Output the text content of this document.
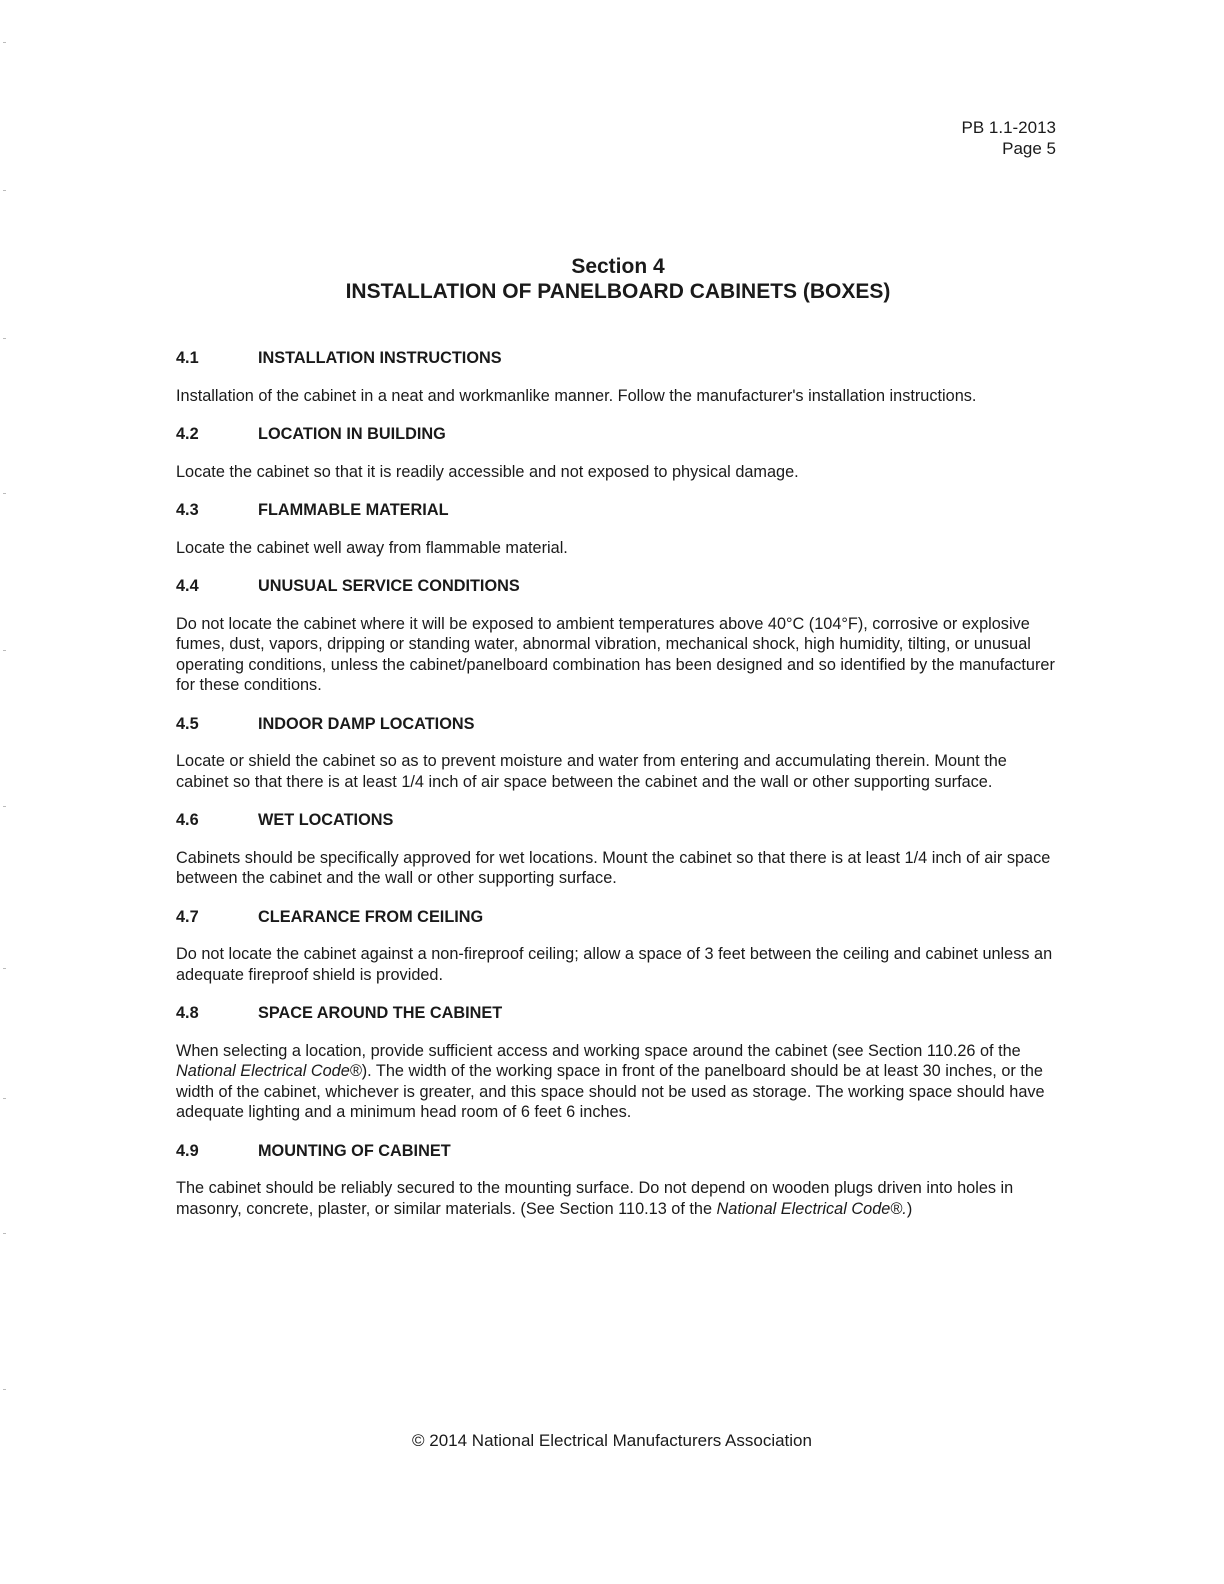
PB 1.1-2013
Page 5
Section 4
INSTALLATION OF PANELBOARD CABINETS (BOXES)
4.1	INSTALLATION INSTRUCTIONS

Installation of the cabinet in a neat and workmanlike manner. Follow the manufacturer's installation instructions.

4.2	LOCATION IN BUILDING

Locate the cabinet so that it is readily accessible and not exposed to physical damage.

4.3	FLAMMABLE MATERIAL

Locate the cabinet well away from flammable material.

4.4	UNUSUAL SERVICE CONDITIONS

Do not locate the cabinet where it will be exposed to ambient temperatures above 40°C (104°F), corrosive or explosive fumes, dust, vapors, dripping or standing water, abnormal vibration, mechanical shock, high humidity, tilting, or unusual operating conditions, unless the cabinet/panelboard combination has been designed and so identified by the manufacturer for these conditions.

4.5	INDOOR DAMP LOCATIONS

Locate or shield the cabinet so as to prevent moisture and water from entering and accumulating therein. Mount the cabinet so that there is at least 1/4 inch of air space between the cabinet and the wall or other supporting surface.

4.6	WET LOCATIONS

Cabinets should be specifically approved for wet locations. Mount the cabinet so that there is at least 1/4 inch of air space between the cabinet and the wall or other supporting surface.

4.7	CLEARANCE FROM CEILING

Do not locate the cabinet against a non-fireproof ceiling; allow a space of 3 feet between the ceiling and cabinet unless an adequate fireproof shield is provided.

4.8	SPACE AROUND THE CABINET

When selecting a location, provide sufficient access and working space around the cabinet (see Section 110.26 of the National Electrical Code®). The width of the working space in front of the panelboard should be at least 30 inches, or the width of the cabinet, whichever is greater, and this space should not be used as storage. The working space should have adequate lighting and a minimum head room of 6 feet 6 inches.

4.9	MOUNTING OF CABINET

The cabinet should be reliably secured to the mounting surface. Do not depend on wooden plugs driven into holes in masonry, concrete, plaster, or similar materials. (See Section 110.13 of the National Electrical Code®.)

© 2014 National Electrical Manufacturers Association
